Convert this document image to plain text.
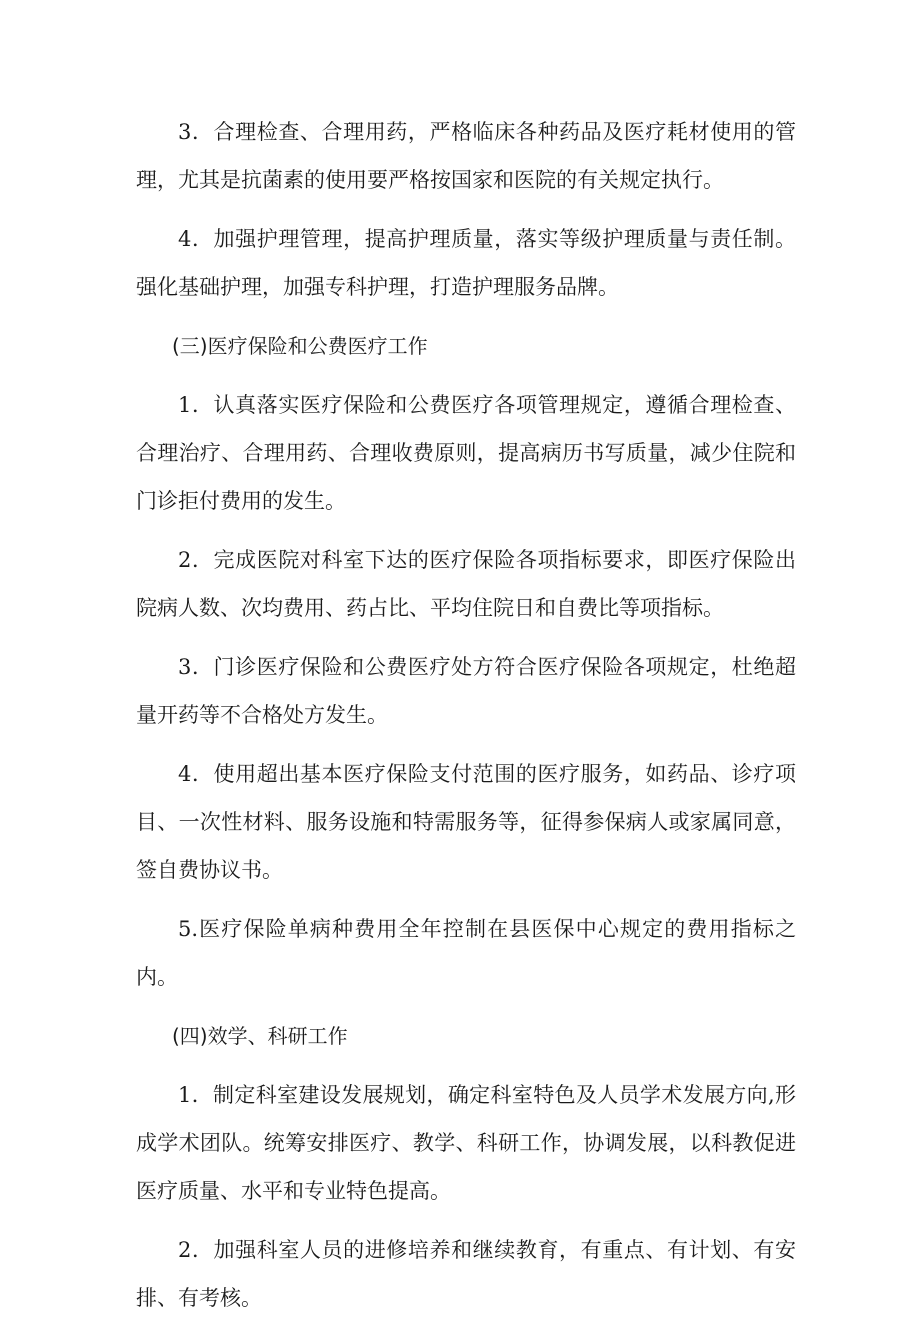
3．合理检查、合理用药，严格临床各种药品及医疗耗材使用的管理，尤其是抗菌素的使用要严格按国家和医院的有关规定执行。

4．加强护理管理，提高护理质量，落实等级护理质量与责任制。强化基础护理，加强专科护理，打造护理服务品牌。

(三)医疗保险和公费医疗工作

1．认真落实医疗保险和公费医疗各项管理规定，遵循合理检查、合理治疗、合理用药、合理收费原则，提高病历书写质量，减少住院和门诊拒付费用的发生。

2．完成医院对科室下达的医疗保险各项指标要求，即医疗保险出院病人数、次均费用、药占比、平均住院日和自费比等项指标。

3．门诊医疗保险和公费医疗处方符合医疗保险各项规定，杜绝超量开药等不合格处方发生。

4．使用超出基本医疗保险支付范围的医疗服务，如药品、诊疗项目、一次性材料、服务设施和特需服务等，征得参保病人或家属同意，签自费协议书。

5.医疗保险单病种费用全年控制在县医保中心规定的费用指标之内。

(四)效学、科研工作

1．制定科室建设发展规划，确定科室特色及人员学术发展方向,形成学术团队。统筹安排医疗、教学、科研工作，协调发展，以科教促进医疗质量、水平和专业特色提高。

2．加强科室人员的进修培养和继续教育，有重点、有计划、有安排、有考核。
